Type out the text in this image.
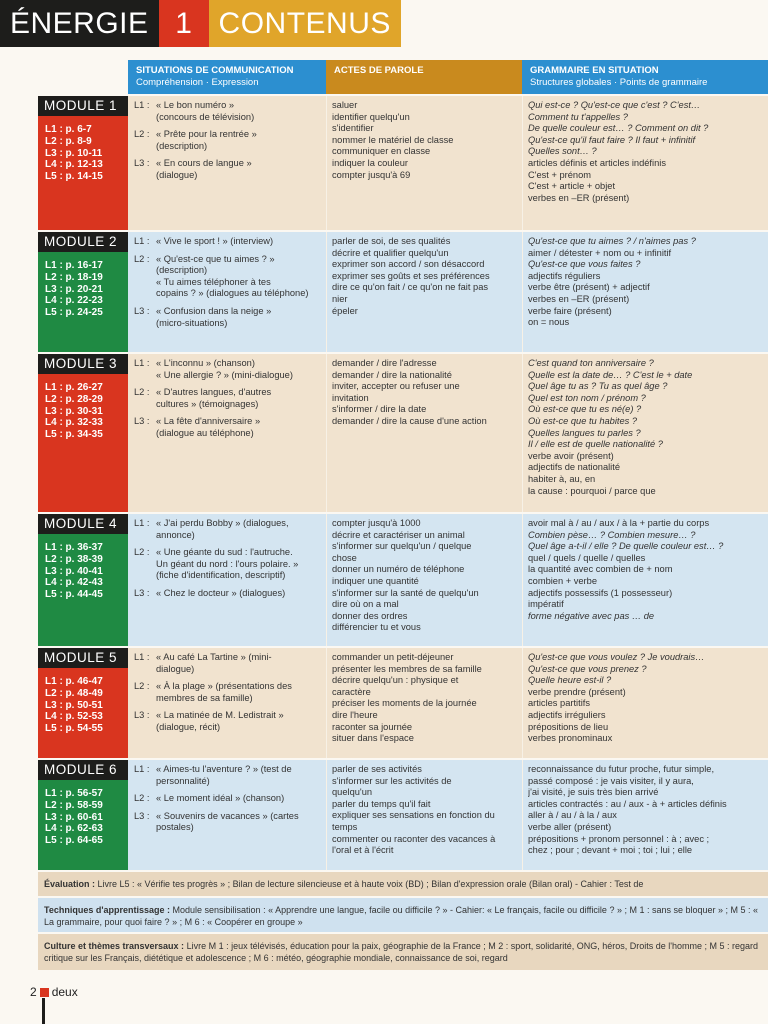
ÉNERGIE 1 CONTENUS
SITUATIONS DE COMMUNICATION
Compréhension · Expression
ACTES DE PAROLE	GRAMMAIRE EN SITUATION
Structures globales · Points de grammaire
MODULE 1
L1 : p. 6-7
L2 : p. 8-9
L3 : p. 10-11
L4 : p. 12-13
L5 : p. 14-15
L1 : « Le bon numéro »
(concours de télévision)
L2 : « Prête pour la rentrée »
(description)
L3 : « En cours de langue »
(dialogue)
saluer
identifier quelqu'un
s'identifier
nommer le matériel de classe
communiquer en classe
indiquer la couleur
compter jusqu'à 69
Qui est-ce ? Qu'est-ce que c'est ? C'est…
Comment tu t'appelles ?
De quelle couleur est… ? Comment on dit ?
Qu'est-ce qu'il faut faire ? Il faut + infinitif
Quelles sont… ?
articles définis et articles indéfinis
C'est + prénom
C'est + article + objet
verbes en –ER (présent)
MODULE 2
L1 : p. 16-17
L2 : p. 18-19
L3 : p. 20-21
L4 : p. 22-23
L5 : p. 24-25
L1 : « Vive le sport ! » (interview)
L2 : « Qu'est-ce que tu aimes ? »
(description)
« Tu aimes téléphoner à tes
copains ? » (dialogues au téléphone)
L3 : « Confusion dans la neige »
(micro-situations)
parler de soi, de ses qualités
décrire et qualifier quelqu'un
exprimer son accord / son désaccord
exprimer ses goûts et ses préférences
dire ce qu'on fait / ce qu'on ne fait pas
nier
épeler
Qu'est-ce que tu aimes ? / n'aimes pas ?
aimer / détester + nom ou + infinitif
Qu'est-ce que vous faites ?
adjectifs réguliers
verbe être (présent) + adjectif
verbes en –ER (présent)
verbe faire (présent)
on = nous
MODULE 3
L1 : p. 26-27
L2 : p. 28-29
L3 : p. 30-31
L4 : p. 32-33
L5 : p. 34-35
L1 : « L'inconnu » (chanson)
« Une allergie ? » (mini-dialogue)
L2 : « D'autres langues, d'autres
cultures » (témoignages)
L3 : « La fête d'anniversaire »
(dialogue au téléphone)
demander / dire l'adresse
demander / dire la nationalité
inviter, accepter ou refuser une
invitation
s'informer / dire la date
demander / dire la cause d'une action
C'est quand ton anniversaire ?
Quelle est la date de… ? C'est le + date
Quel âge tu as ? Tu as quel âge ?
Quel est ton nom / prénom ?
Où est-ce que tu es né(e) ?
Où est-ce que tu habites ?
Quelles langues tu parles ?
Il / elle est de quelle nationalité ?
verbe avoir (présent)
adjectifs de nationalité
habiter à, au, en
la cause : pourquoi / parce que
MODULE 4
L1 : p. 36-37
L2 : p. 38-39
L3 : p. 40-41
L4 : p. 42-43
L5 : p. 44-45
L1 : « J'ai perdu Bobby » (dialogues,
annonce)
L2 : « Une géante du sud : l'autruche.
Un géant du nord : l'ours polaire. »
(fiche d'identification, descriptif)
L3 : « Chez le docteur » (dialogues)
compter jusqu'à 1000
décrire et caractériser un animal
s'informer sur quelqu'un / quelque
chose
donner un numéro de téléphone
indiquer une quantité
s'informer sur la santé de quelqu'un
dire où on a mal
donner des ordres
différencier tu et vous
avoir mal à / au / aux / à la + partie du corps
Combien pèse… ? Combien mesure… ?
Quel âge a-t-il / elle ? De quelle couleur est… ?
quel / quels / quelle / quelles
la quantité avec combien de + nom
combien + verbe
adjectifs possessifs (1 possesseur)
impératif
forme négative avec pas … de
MODULE 5
L1 : p. 46-47
L2 : p. 48-49
L3 : p. 50-51
L4 : p. 52-53
L5 : p. 54-55
L1 : « Au café La Tartine » (mini-
dialogue)
L2 : « À la plage » (présentations des
membres de sa famille)
L3 : « La matinée de M. Ledistrait »
(dialogue, récit)
commander un petit-déjeuner
présenter les membres de sa famille
décrire quelqu'un : physique et
caractère
préciser les moments de la journée
dire l'heure
raconter sa journée
situer dans l'espace
Qu'est-ce que vous voulez ? Je voudrais…
Qu'est-ce que vous prenez ?
Quelle heure est-il ?
verbe prendre (présent)
articles partitifs
adjectifs irréguliers
prépositions de lieu
verbes pronominaux
MODULE 6
L1 : p. 56-57
L2 : p. 58-59
L3 : p. 60-61
L4 : p. 62-63
L5 : p. 64-65
L1 : « Aimes-tu l'aventure ? » (test de
personnalité)
L2 : « Le moment idéal » (chanson)
L3 : « Souvenirs de vacances » (cartes
postales)
parler de ses activités
s'informer sur les activités de
quelqu'un
parler du temps qu'il fait
expliquer ses sensations en fonction du
temps
commenter ou raconter des vacances à
l'oral et à l'écrit
reconnaissance du futur proche, futur simple,
passé composé : je vais visiter, il y aura,
j'ai visité, je suis très bien arrivé
articles contractés : au / aux - à + articles définis
aller à / au / à la / aux
verbe aller (présent)
prépositions + pronom personnel : à ; avec ;
chez ; pour ; devant + moi ; toi ; lui ; elle
Évaluation : Livre L5 : « Vérifie tes progrès » ; Bilan de lecture silencieuse et à haute voix (BD) ; Bilan d'expression orale (Bilan oral) - Cahier : Test de
Techniques d'apprentissage : Module sensibilisation : « Apprendre une langue, facile ou difficile ? » - Cahier: « Le français, facile ou difficile ? » ; M 1 : sans se bloquer » ; M 5 : « La grammaire, pour quoi faire ? » ; M 6 : « Coopérer en groupe »
Culture et thèmes transversaux : Livre M 1 : jeux télévisés, éducation pour la paix, géographie de la France ; M 2 : sport, solidarité, ONG, héros, Droits de l'homme ; M 5 : regard critique sur les Français, diététique et adolescence ; M 6 : météo, géographie mondiale, connaissance de soi, regard
2 deux
